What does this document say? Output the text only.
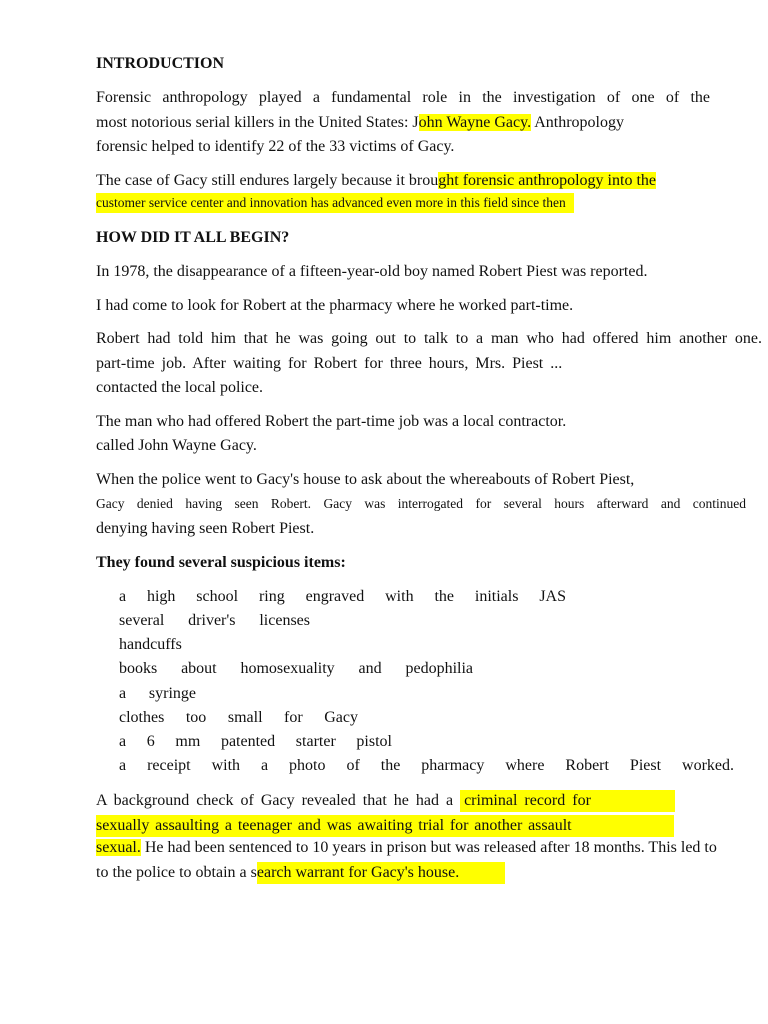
INTRODUCTION
Forensic anthropology played a fundamental role in the investigation of one of the
most notorious serial killers in the United States: John Wayne Gacy. Anthropology
forensic helped to identify 22 of the 33 victims of Gacy.
The case of Gacy still endures largely because it brought forensic anthropology into the
customer service center and innovation has advanced even more in this field since then
HOW DID IT ALL BEGIN?
In 1978, the disappearance of a fifteen-year-old boy named Robert Piest was reported.
I had come to look for Robert at the pharmacy where he worked part-time.
Robert had told him that he was going out to talk to a man who had offered him another one.
part-time job. After waiting for Robert for three hours, Mrs. Piest ...
contacted the local police.
The man who had offered Robert the part-time job was a local contractor.
called John Wayne Gacy.
When the police went to Gacy's house to ask about the whereabouts of Robert Piest,
Gacy denied having seen Robert. Gacy was interrogated for several hours afterward and continued
denying having seen Robert Piest.
They found several suspicious items:
a high school ring engraved with the initials JAS
several driver's licenses
handcuffs
books about homosexuality and pedophilia
a syringe
clothes too small for Gacy
a 6 mm patented starter pistol
a receipt with a photo of the pharmacy where Robert Piest worked.
A background check of Gacy revealed that he had a criminal record for
sexually assaulting a teenager and was awaiting trial for another assault
sexual. He had been sentenced to 10 years in prison but was released after 18 months. This led to
to the police to obtain a search warrant for Gacy's house.
